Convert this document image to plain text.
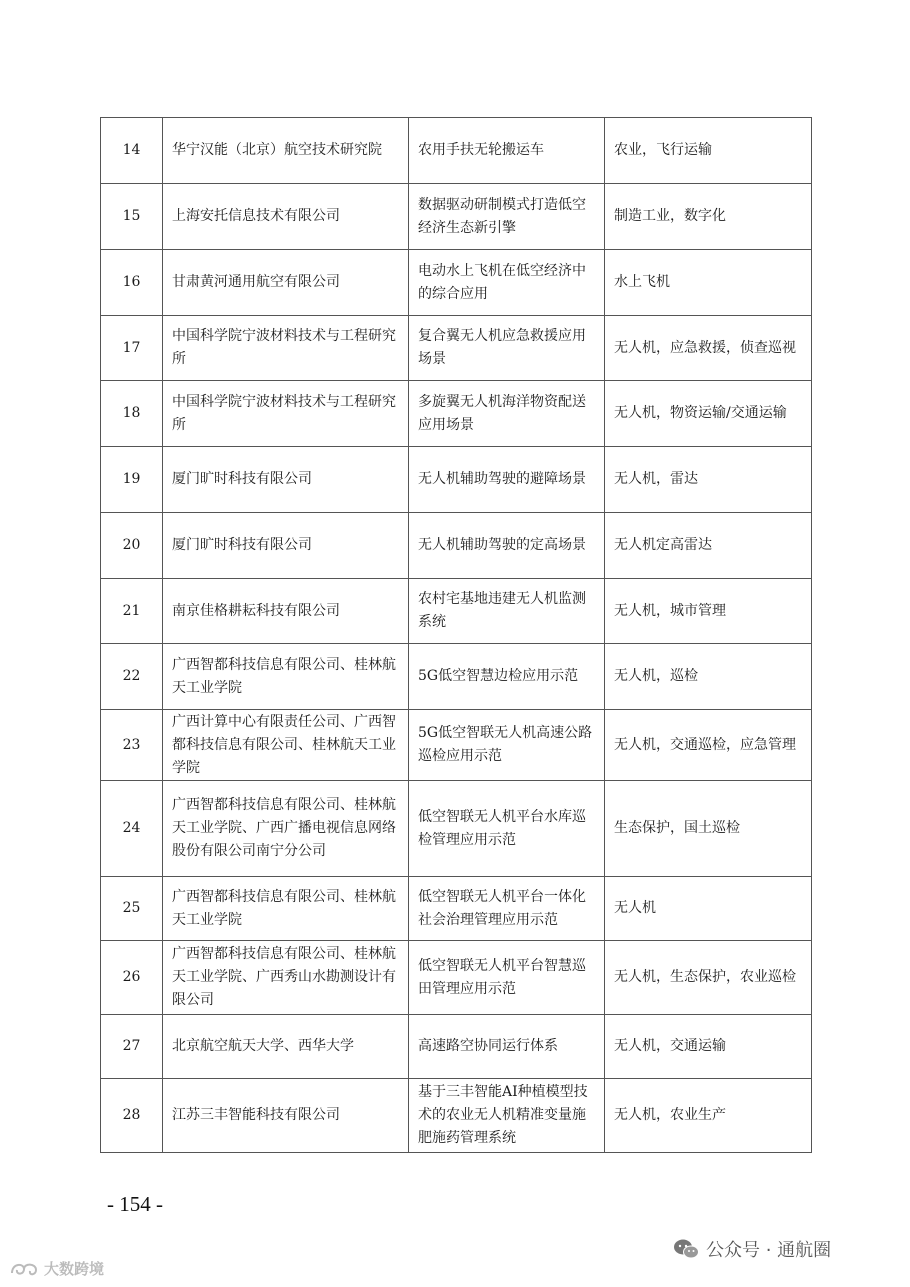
14	华宁汉能（北京）航空技术研究院	农用手扶无轮搬运车	农业，飞行运输
15	上海安托信息技术有限公司	数据驱动研制模式打造低空经济生态新引擎	制造工业，数字化
16	甘肃黄河通用航空有限公司	电动水上飞机在低空经济中的综合应用	水上飞机
17	中国科学院宁波材料技术与工程研究所	复合翼无人机应急救援应用场景	无人机，应急救援，侦查巡视
18	中国科学院宁波材料技术与工程研究所	多旋翼无人机海洋物资配送应用场景	无人机，物资运输/交通运输
19	厦门旷时科技有限公司	无人机辅助驾驶的避障场景	无人机，雷达
20	厦门旷时科技有限公司	无人机辅助驾驶的定高场景	无人机定高雷达
21	南京佳格耕耘科技有限公司	农村宅基地违建无人机监测系统	无人机，城市管理
22	广西智都科技信息有限公司、桂林航天工业学院	5G低空智慧边检应用示范	无人机，巡检
23	广西计算中心有限责任公司、广西智都科技信息有限公司、桂林航天工业学院	5G低空智联无人机高速公路巡检应用示范	无人机，交通巡检，应急管理
24	广西智都科技信息有限公司、桂林航天工业学院、广西广播电视信息网络股份有限公司南宁分公司	低空智联无人机平台水库巡检管理应用示范	生态保护，国土巡检
25	广西智都科技信息有限公司、桂林航天工业学院	低空智联无人机平台一体化社会治理管理应用示范	无人机
26	广西智都科技信息有限公司、桂林航天工业学院、广西秀山水勘测设计有限公司	低空智联无人机平台智慧巡田管理应用示范	无人机，生态保护，农业巡检
27	北京航空航天大学、西华大学	高速路空协同运行体系	无人机，交通运输
28	江苏三丰智能科技有限公司	基于三丰智能AI种植模型技术的农业无人机精准变量施肥施药管理系统	无人机，农业生产
- 154 -
公众号 · 通航圈
大数跨境
